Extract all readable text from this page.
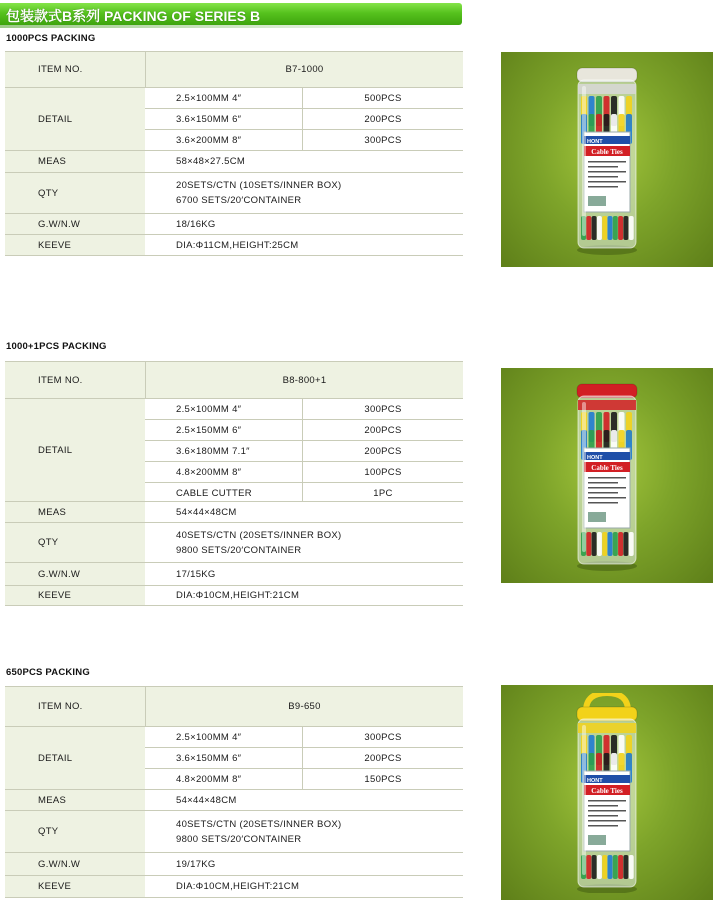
包装款式B系列 PACKING OF SERIES B
1000PCS PACKING
ITEM NO.	B7-1000
DETAIL
2.5×100MM 4″	500PCS
3.6×150MM 6″	200PCS
3.6×200MM 8″	300PCS
MEAS	58×48×27.5CM
QTY
20SETS/CTN (10SETS/INNER BOX)
6700 SETS/20′CONTAINER
G.W/N.W	18/16KG
KEEVE	DIA:Φ11CM,HEIGHT:25CM
HONT
Cable Ties
1000+1PCS PACKING
ITEM NO.	B8-800+1
DETAIL
2.5×100MM 4″	300PCS
2.5×150MM 6″	200PCS
3.6×180MM 7.1″	200PCS
4.8×200MM 8″	100PCS
CABLE CUTTER	1PC
MEAS	54×44×48CM
QTY
40SETS/CTN (20SETS/INNER BOX)
9800 SETS/20′CONTAINER
G.W/N.W	17/15KG
KEEVE	DIA:Φ10CM,HEIGHT:21CM
HONT
Cable Ties
650PCS PACKING
ITEM NO.	B9-650
DETAIL
2.5×100MM 4″	300PCS
3.6×150MM 6″	200PCS
4.8×200MM 8″	150PCS
MEAS	54×44×48CM
QTY
40SETS/CTN (20SETS/INNER BOX)
9800 SETS/20′CONTAINER
G.W/N.W	19/17KG
KEEVE	DIA:Φ10CM,HEIGHT:21CM
HONT
Cable Ties
